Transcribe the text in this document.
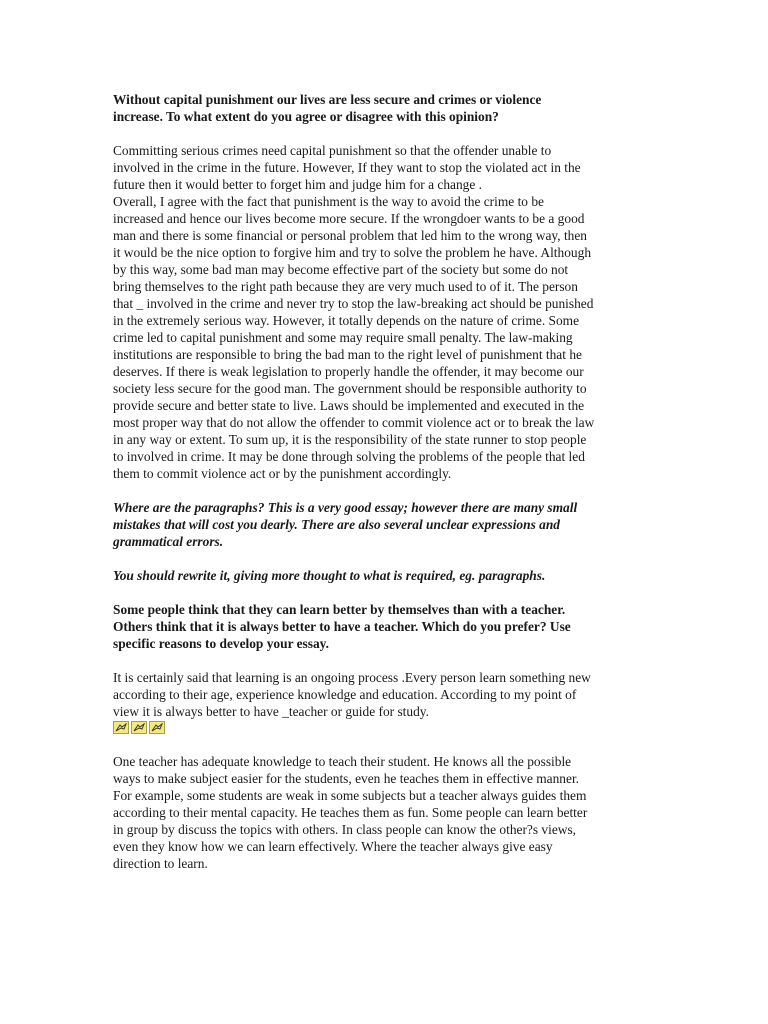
Without capital punishment our lives are less secure and crimes or violence
increase. To what extent do you agree or disagree with this opinion?

Committing serious crimes need capital punishment so that the offender unable to
involved in the crime in the future. However, If they want to stop the violated act in the
future then it would better to forget him and judge him for a change .
Overall, I agree with the fact that punishment is the way to avoid the crime to be
increased and hence our lives become more secure. If the wrongdoer wants to be a good
man and there is some financial or personal problem that led him to the wrong way, then
it would be the nice option to forgive him and try to solve the problem he have. Although
by this way, some bad man may become effective part of the society but some do not
bring themselves to the right path because they are very much used to of it. The person
that _ involved in the crime and never try to stop the law-breaking act should be punished
in the extremely serious way. However, it totally depends on the nature of crime. Some
crime led to capital punishment and some may require small penalty. The law-making
institutions are responsible to bring the bad man to the right level of punishment that he
deserves. If there is weak legislation to properly handle the offender, it may become our
society less secure for the good man. The government should be responsible authority to
provide secure and better state to live. Laws should be implemented and executed in the
most proper way that do not allow the offender to commit violence act or to break the law
in any way or extent. To sum up, it is the responsibility of the state runner to stop people
to involved in crime. It may be done through solving the problems of the people that led
them to commit violence act or by the punishment accordingly.

Where are the paragraphs? This is a very good essay; however there are many small
mistakes that will cost you dearly. There are also several unclear expressions and
grammatical errors.

You should rewrite it, giving more thought to what is required, eg. paragraphs.

Some people think that they can learn better by themselves than with a teacher.
Others think that it is always better to have a teacher. Which do you prefer? Use
specific reasons to develop your essay.

It is certainly said that learning is an ongoing process .Every person learn something new
according to their age, experience knowledge and education. According to my point of
view it is always better to have _teacher or guide for study.

One teacher has adequate knowledge to teach their student. He knows all the possible
ways to make subject easier for the students, even he teaches them in effective manner.
For example, some students are weak in some subjects but a teacher always guides them
according to their mental capacity. He teaches them as fun. Some people can learn better
in group by discuss the topics with others. In class people can know the other?s views,
even they know how we can learn effectively. Where the teacher always give easy
direction to learn.
